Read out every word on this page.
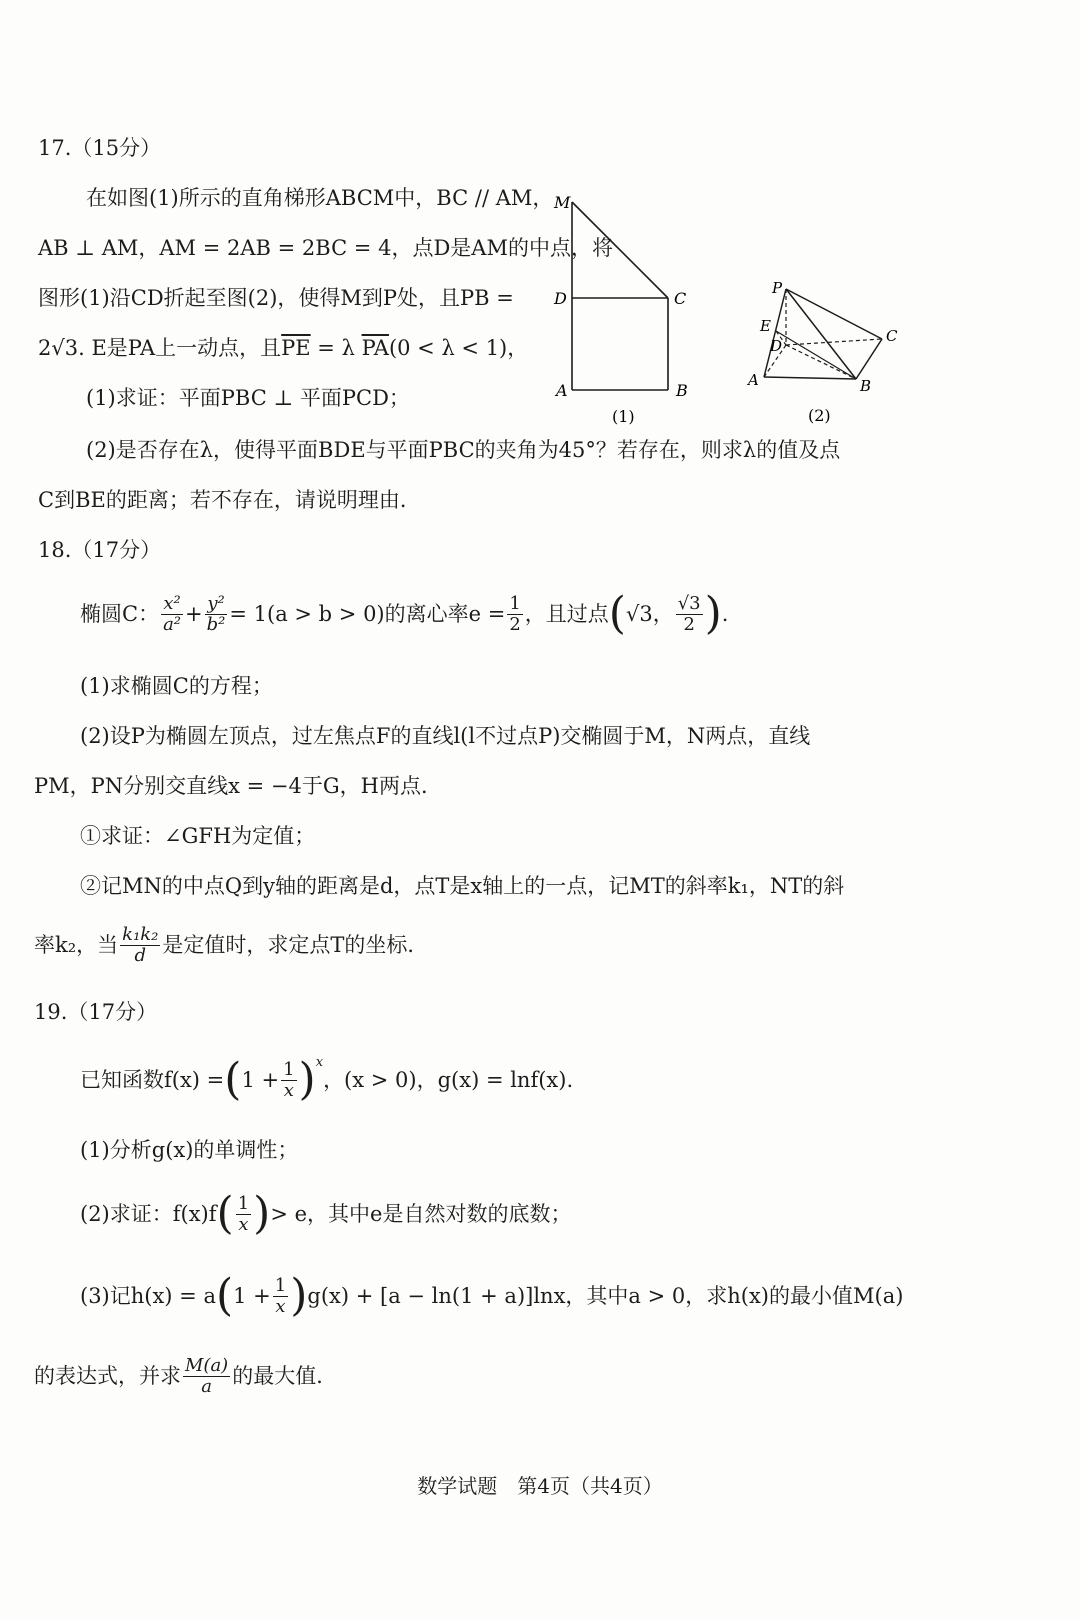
17.（15分）
在如图(1)所示的直角梯形ABCM中，BC // AM，
AB ⊥ AM，AM = 2AB = 2BC = 4，点D是AM的中点，将
图形(1)沿CD折起至图(2)，使得M到P处，且PB =
2√3. E是PA上一动点，且$\overline{PE} = \lambda$ $\overline{PA}(0 < \lambda < 1)$，
(1)求证：平面PBC ⊥ 平面PCD；
(2)是否存在λ，使得平面BDE与平面PBC的夹角为45°？若存在，则求λ的值及点
C到BE的距离；若不存在，请说明理由．
M
D	C
A	B
(1)
P
E
D
C
A	B
(2)
18.（17分）
椭圆C： $\frac{\text{x²}}{\text{a²}} + \frac{\text{y²}}{\text{b²}} = 1(a > b > 0)$的离心率$e = \frac{1}{2}$ ，且过点 ( √3， $\frac{√3}{2}$ ) .
(1)求椭圆C的方程；
(2)设P为椭圆左顶点，过左焦点F的直线l(l不过点P)交椭圆于M，N两点，直线
PM，PN分别交直线x = −4于G，H两点．
①求证：∠GFH为定值；
②记MN的中点Q到y轴的距离是d，点T是x轴上的一点，记MT的斜率k₁，NT的斜
率k₂，当 $\frac{\text{k₁k₂}}{d}$ 是定值时，求定点T的坐标．
19.（17分）
已知函数f(x) = ( $1 + \frac{1}{x}$ ) x
，(x > 0)，g(x) = lnf(x).
(1)分析g(x)的单调性；
(2)求证：f(x)f ( $\frac{1}{x}$ ) > e，其中e是自然对数的底数；
(3)记h(x) = a ( $1 + \frac{1}{x}$ ) g(x) + [a − ln(1 + a)]lnx，其中a > 0，求h(x)的最小值M(a)
的表达式，并求 $\frac{M(a)}{a}$ 的最大值．
数学试题　第4页（共4页）
